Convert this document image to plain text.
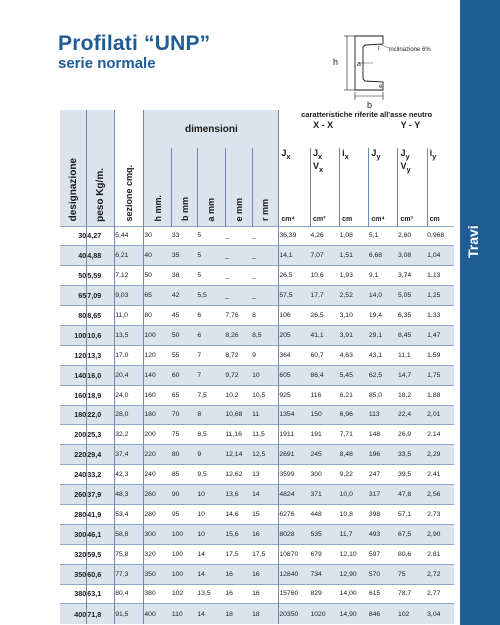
Profilati “UNP”
serie normale
Travi
h	a
r
e
b
inclinazione 6%
designazione	peso Kg/m.	sezione cmq.	dimensioni					caratteristiche riferite all'asse neutro
X - X Y - Y					

			h mm.	b mm	a mm	e mm	r mm	$J_x$	$J_x$
$V_x$	$i_x$	$J_y$	$J_y$
$V_y$	$i_y$
								cm⁴	cm³	cm	cm⁴	cm³	cm
30	4,27	5,44	30	33	5	_	_	36,39	4,26	1,08	5,1	2,60	0,968
40	4,88	6,21	40	35	5	_	_	14,1	7,07	1,51	6,68	3,08	1,04
50	5,59	7,12	50	38	5	_	_	26,5	10,6	1,93	9,1	3,74	1,13
65	7,09	9,03	65	42	5,5	_	_	57,5	17,7	2,52	14,0	5,05	1,25
80	8,65	11,0	80	45	6	7,76	8	106	26,5	3,10	19,4	6,35	1,33
100	10,6	13,5	100	50	6	8,26	8,5	205	41,1	3,91	29,1	8,45	1,47
120	13,3	17,0	120	55	7	8,72	9	364	60,7	4,63	43,1	11,1	1,59
140	16,0	20,4	140	60	7	9,72	10	605	86,4	5,45	62,5	14,7	1,75
160	18,9	24,0	160	65	7,5	10,2	10,5	925	116	6,21	85,0	18,2	1,88
180	22,0	28,0	180	70	8	10,68	11	1354	150	6,96	113	22,4	2,01
200	25,3	32,2	200	75	8,5	11,16	11,5	1911	191	7,71	148	26,9	2,14
220	29,4	37,4	220	80	9	12,14	12,5	2691	245	8,48	196	33,5	2,29
240	33,2	42,3	240	85	9,5	12,62	13	3599	300	9,22	247	39,5	2,41
260	37,9	48,3	260	90	10	13,6	14	4824	371	10,0	317	47,8	2,56
280	41,9	53,4	280	95	10	14,6	15	6276	448	10,8	398	57,1	2,73
300	46,1	58,8	300	100	10	15,6	16	8028	535	11,7	493	67,5	2,90
320	59,5	75,8	320	100	14	17,5	17,5	10870	679	12,10	597	80,6	2,81
350	60,6	77,3	350	100	14	16	16	12840	734	12,90	570	75	2,72
380	63,1	80,4	380	102	13,5	16	16	15760	829	14,00	615	78,7	2,77
400	71,8	91,5	400	110	14	18	18	20350	1020	14,90	846	102	3,04
